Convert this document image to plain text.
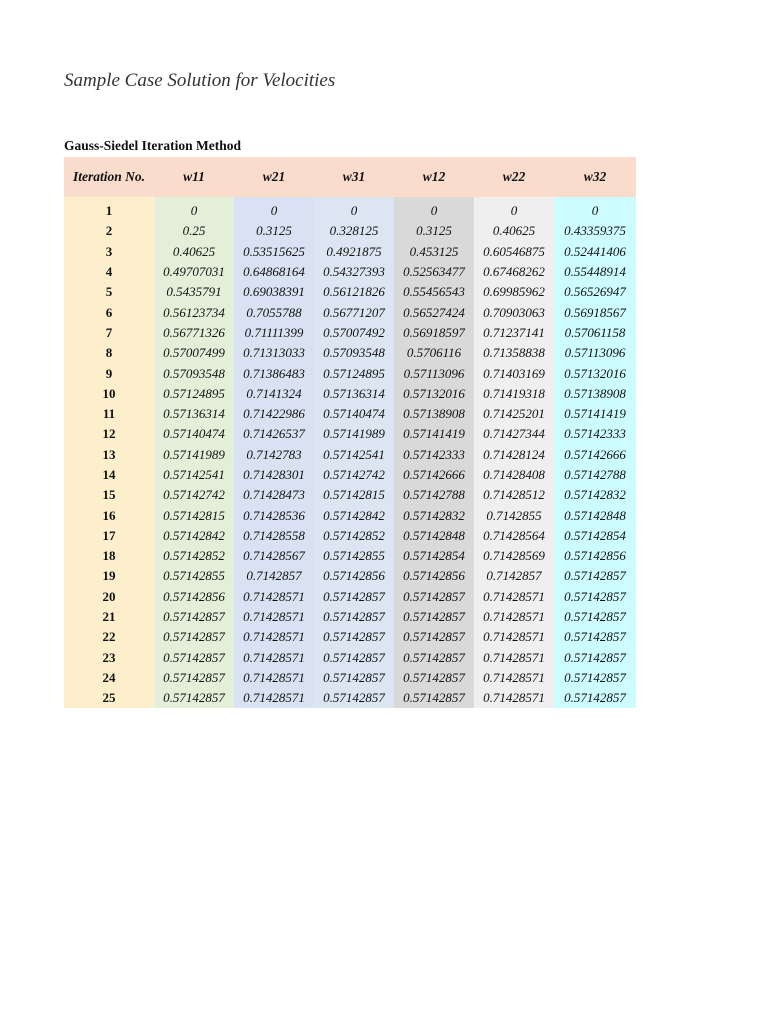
Sample Case Solution for Velocities
Gauss-Siedel Iteration Method
Iteration No.	w11	w21	w31	w12	w22	w32

1	0	0	0	0	0	0
2	0.25	0.3125	0.328125	0.3125	0.40625	0.43359375
3	0.40625	0.53515625	0.4921875	0.453125	0.60546875	0.52441406
4	0.49707031	0.64868164	0.54327393	0.52563477	0.67468262	0.55448914
5	0.5435791	0.69038391	0.56121826	0.55456543	0.69985962	0.56526947
6	0.56123734	0.7055788	0.56771207	0.56527424	0.70903063	0.56918567
7	0.56771326	0.71111399	0.57007492	0.56918597	0.71237141	0.57061158
8	0.57007499	0.71313033	0.57093548	0.5706116	0.71358838	0.57113096
9	0.57093548	0.71386483	0.57124895	0.57113096	0.71403169	0.57132016
10	0.57124895	0.7141324	0.57136314	0.57132016	0.71419318	0.57138908
11	0.57136314	0.71422986	0.57140474	0.57138908	0.71425201	0.57141419
12	0.57140474	0.71426537	0.57141989	0.57141419	0.71427344	0.57142333
13	0.57141989	0.7142783	0.57142541	0.57142333	0.71428124	0.57142666
14	0.57142541	0.71428301	0.57142742	0.57142666	0.71428408	0.57142788
15	0.57142742	0.71428473	0.57142815	0.57142788	0.71428512	0.57142832
16	0.57142815	0.71428536	0.57142842	0.57142832	0.7142855	0.57142848
17	0.57142842	0.71428558	0.57142852	0.57142848	0.71428564	0.57142854
18	0.57142852	0.71428567	0.57142855	0.57142854	0.71428569	0.57142856
19	0.57142855	0.7142857	0.57142856	0.57142856	0.7142857	0.57142857
20	0.57142856	0.71428571	0.57142857	0.57142857	0.71428571	0.57142857
21	0.57142857	0.71428571	0.57142857	0.57142857	0.71428571	0.57142857
22	0.57142857	0.71428571	0.57142857	0.57142857	0.71428571	0.57142857
23	0.57142857	0.71428571	0.57142857	0.57142857	0.71428571	0.57142857
24	0.57142857	0.71428571	0.57142857	0.57142857	0.71428571	0.57142857
25	0.57142857	0.71428571	0.57142857	0.57142857	0.71428571	0.57142857
